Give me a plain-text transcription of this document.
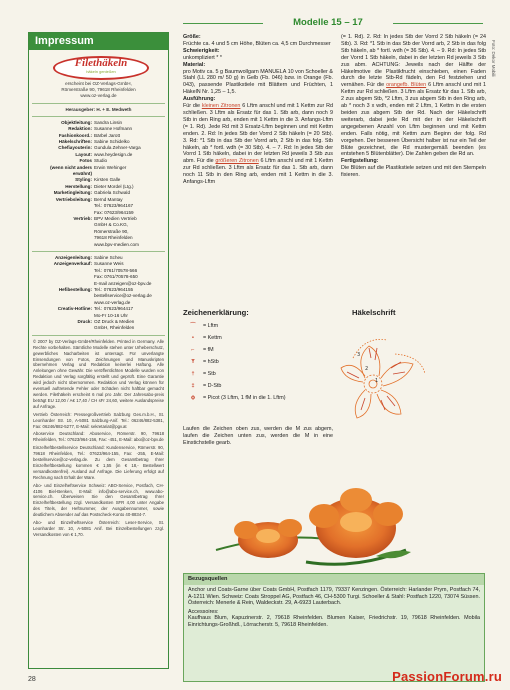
Impressum
Filethäkeln
häkeln genießen
erscheint bei OZ-Verlags-GmbH,
Römerstraße 90, 79618 Rheinfelden
www.oz-verlag.de
Herausgeber: H. + E. Medweth
Objektleitung: Sandra Linsin
Redaktion: Susanne Hofmann
Fashionkoord.: Bärbel Jarott
Häkelschriften: Sabine Schidelko
Chefiayouterin: Gundula Zehner-Varga
Layout: www.heydesign.de
Fotos Studio
(wenn nicht anders erwähnt)
Erwin Wehinger
Styling: Kirsten Galle
Herstellung: Dieter Mordel (Ltg.)
Marketingleitung: Gabriela Schwald
Vertriebsleitung: Bernd Mantay
Tel.: 07623/964167
Fax: 07623/964159
Vertrieb: BPV Medien Vertrieb
GmbH & Co.KG,
Römerstraße 90,
79618 Rheinfelden
www.bpv-medien.com
Anzeigenleitung: Sabine Scheu
Anzeigenverkauf: Susanne Weis
Tel.: 0761/70578-566
Fax: 0761/70578-650
E-mail anzeigen@oz-bpv.de
Hefibestellung: Tel.: 07623/964155
bestellservice@oz-verlag.de
www.oz-verlag.de
Creativ-Hotline: Tel.: 07623/964417
Mo-Fr 10-16 Uhr
Druck: OZ Druck & Medien
GmbH, Rheinfelden
© 2007 by OZ-Verlags-GmbH/Rheinfelden. Printed in Germany. Alle Rechte vorbehalten. Sämtliche Modelle stehen unter Urheberschutz, gewerbliches Nacharbeiten ist untersagt. Für unverlangte Einsendungen von Fotos, Zeichnungen und Manuskripten übernehmen Verlag und Redaktion keinerlei Haftung. Alle Anleitungen ohne Gewähr. Die veröffentlichten Modelle wurden von Redaktion und Verlag sorgfältig erstellt und geprüft. Eine Garantie wird jedoch nicht übernommen. Redaktion und Verlag können für eventuell auftretende Fehler oder Schäden nicht haftbar gemacht werden. Filethäkeln erscheint 6 mal pro Jahr. Der Jahresabo-preis beträgt EU 12,00 / A€ 17,40 / CH sFr 24,60, weitere Auslandspreise auf Anfrage.
Vertrieb Österreich: Pressegroßvertrieb Salzburg Ges.m.b.H., St. Leonharder Str. 10, A-5081 Salzburg-Anif. Tel.: 06246/882-5381, Fax: 06246/882-5277, E-Mail: sekretariat@pgv.at
Aboservice Deutschland: Aboservice, Römerstr. 90, 79618 Rheinfelden, Tel.: 07623/964-156, Fax: -451, E-Mail: abo@oz-bpv.de
Einzelheftbestellservice Deutschland: Kundenservice, Römerstr. 90, 79618 Rheinfelden, Tel.: 07623/964-155, Fax: -255, E-Mail: bestellservice@oz-verlag.de. Zu dem Gesamtbetrag Ihrer Einzelheftbestellung kommen € 1,55 (in € 18,- Bestellwert versandkostenfrei). Ausland auf Anfrage. Die Lieferung erfolgt auf Rechnung nach Erhalt der Ware.
Abo- und Einzelheftservice Schweiz: ABO-Service, Postfach, CH-4106 Biel-Benken, E-Mail: info@abo-service.ch, www.abo-service.ch. Überweisen Sie den Gesamtbetrag Ihrer Einzelheftbestellung zzgl. Versandkosten SFR 4,00 unter Angabe des Titels, der Heftnummer, der Ausgabennummer, sowie deutlichem Absender auf das Postscheck-Konto 40-8834-7.
Abo- und Einzelheftservice Österreich: Leser-Service, St. Leonharder Str. 10, A-5081 Anif. Bei Einzelbestellungen zzgl. Versandkosten von € 1,70.
Modelle 15 – 17
Foto: Dekor Mobili
Größe:
Früchte ca. 4 und 5 cm Höhe, Blüten ca. 4,5 cm Durchmesser
Schwierigkeit:
unkompliziert * *
Material:
pro Motiv ca. 5 g Baumwollgarn MANUELA 10 von Schoeller & Stahl (LL 280 m/ 50 g) in Gelb (Fb. 046) bzw. in Orange (Fb. 043), passende Plastikstiele mit Blättern und Früchten, 1 HäkelN Nr. 1,25 – 1,5.
Ausführung:
Für die kleinen Zitronen 6 Lftm anschl und mit 1 Kettm zur Rd schließen. 3 Lftm als Ersatz für das 1. Stb arb, dann noch 9 Stb in den Ring arb, enden mit 1 Kettm in die 3. Anfangs-Lftm (= 1. Rd). Jede Rd mit 3 Ersatz-Lftm beginnen und mit Kettm enden. 2. Rd: In jedes Stb der Vorrd 2 Stb häkeln (= 20 Stb). 3. Rd: *1 Stb in das Stb der Vorrd arb, 2 Stb in das folg. Stb häkeln, ab * fortl. wdh (= 30 Stb). 4. – 7. Rd: In jedes Stb der Vorrd 1 Stb häkeln, dabei in der letzten Rd jeweils 3 Stb zus abm. Für die größeren Zitronen 6 Lftm anschl und mit 1 Kettm zur Rd schließen. 3 Lftm als Ersatz für das 1. Stb arb, dann noch 11 Stb in den Ring arb, enden mit 1 Kettm in die 3. Anfangs-Lftm
(= 1. Rd). 2. Rd: In jedes Stb der Vorrd 2 Stb häkeln (= 24 Stb). 3. Rd: *1 Stb in das Stb der Vorrd arb, 2 Stb in das folg Stb häkeln, ab * fortl. wdh (= 36 Stb). 4. – 9. Rd: In jedes Stb der Vorrd 1 Stb häkeln, dabei in der letzten Rd jeweils 3 Stb zus abm. ACHTUNG: Jeweils nach der Hälfte der Häkelmotive die Plastikfrucht einschieben, einen Faden durch die letzte Stb-Rd fädeln, den Fd festziehen und vernähen. Für die orangefb. Blüten 6 Lftm anschl und mit 1 Kettm zur Rd schließen. 3 Lftm als Ersatz für das 1. Stb arb, 2 zus abgem Stb, *2 Lftm, 3 zus abgem Stb in den Ring arb, ab * noch 3 x wdh, enden mit 2 Lftm, 1 Kettm in die ersten beiden zus abgem Stb der Rd. Nach der Häkelschrift weiterarb, dabei jede Rd mit der in der Häkelschrift angegebenen Anzahl von Lftm beginnen und mit Kettm enden. Falls nötig, mit Kettm zum Beginn der folg. Rd vorgehen. Der besseren Übersicht halber ist nur ein Teil der Blüte gezeichnet, die Rd mustergemäß beenden (es entstehen 5 Blütenblätter). Die Zahlen geben die Rd an.
Fertigstellung:
Die Blüten auf die Plastikstiele setzen und mit den Stempeln fixieren.
Zeichenerklärung:
⌒ = Lftm
• = Kettm
⌐ = fM
Ŧ = hStb
† = Stb
‡ = D-Stb
ɸ = Picot (3 Lftm, 1 fM in die 1. Lftm)
Laufen die Zeichen oben zus, werden die M zus abgem, laufen die Zeichen unten zus, werden die M in eine Einstichstelle gearb.
Häkelschrift
1
2
3
Bezugsquellen
Anchor und Coats-Garne über Coats GmbH, Postfach 1179, 79337 Kenzingen. Österreich: Harlander Prym, Postfach 74, A-1211 Wien. Schweiz: Coats Stroppel AG, Postfach 46, CH-5300 Turgi. Schoeller & Stahl: Postfach 1220, 73074 Süssen. Österreich: Menerle & Rein, Waldeckstr. 29, A-6923 Lauterbach.
Accessoires:
Kaufhaus Blum, Kapuzinerstr. 2, 79618 Rheinfelden. Blumen Kaiser, Friedrichstr. 19, 79618 Rheinfelden. Mobila Einrichtungs-Großhdl., Lörracherstr. 5, 79618 Rheinfelden.
28	PassionForum.ru
